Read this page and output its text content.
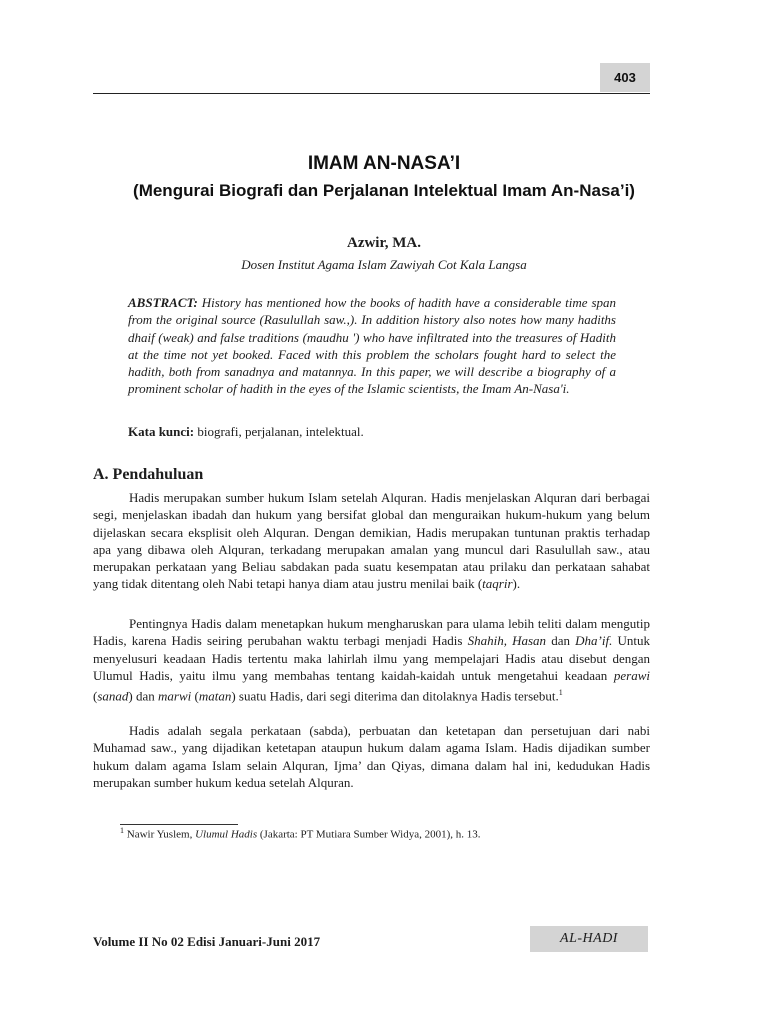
403
IMAM AN-NASA’I
(Mengurai Biografi dan Perjalanan Intelektual Imam An-Nasa’i)
Azwir, MA.
Dosen Institut Agama Islam Zawiyah Cot Kala Langsa
ABSTRACT: History has mentioned how the books of hadith have a considerable time span from the original source (Rasulullah saw.,). In addition history also notes how many hadiths dhaif (weak) and false traditions (maudhu ') who have infiltrated into the treasures of Hadith at the time not yet booked. Faced with this problem the scholars fought hard to select the hadith, both from sanadnya and matannya. In this paper, we will describe a biography of a prominent scholar of hadith in the eyes of the Islamic scientists, the Imam An-Nasa'i.
Kata kunci: biografi, perjalanan, intelektual.
A. Pendahuluan

Hadis merupakan sumber hukum Islam setelah Alquran. Hadis menjelaskan Alquran dari berbagai segi, menjelaskan ibadah dan hukum yang bersifat global dan menguraikan hukum-hukum yang belum dijelaskan secara eksplisit oleh Alquran. Dengan demikian, Hadis merupakan tuntunan praktis terhadap apa yang dibawa oleh Alquran, terkadang merupakan amalan yang muncul dari Rasulullah saw., atau merupakan perkataan yang Beliau sabdakan pada suatu kesempatan atau prilaku dan perkataan sahabat yang tidak ditentang oleh Nabi tetapi hanya diam atau justru menilai baik (taqrir).

Pentingnya Hadis dalam menetapkan hukum mengharuskan para ulama lebih teliti dalam mengutip Hadis, karena Hadis seiring perubahan waktu terbagi menjadi Hadis Shahih, Hasan dan Dha’if. Untuk menyelusuri keadaan Hadis tertentu maka lahirlah ilmu yang mempelajari Hadis atau disebut dengan Ulumul Hadis, yaitu ilmu yang membahas tentang kaidah-kaidah untuk mengetahui keadaan perawi (sanad) dan marwi (matan) suatu Hadis, dari segi diterima dan ditolaknya Hadis tersebut.$^1$

Hadis adalah segala perkataan (sabda), perbuatan dan ketetapan dan persetujuan dari nabi Muhamad saw., yang dijadikan ketetapan ataupun hukum dalam agama Islam. Hadis dijadikan sumber hukum dalam agama Islam selain Alquran, Ijma’ dan Qiyas, dimana dalam hal ini, kedudukan Hadis merupakan sumber hukum kedua setelah Alquran.

$^1$ Nawir Yuslem, Ulumul Hadis (Jakarta: PT Mutiara Sumber Widya, 2001), h. 13.
Volume II No 02 Edisi Januari-Juni 2017	AL-HADI
